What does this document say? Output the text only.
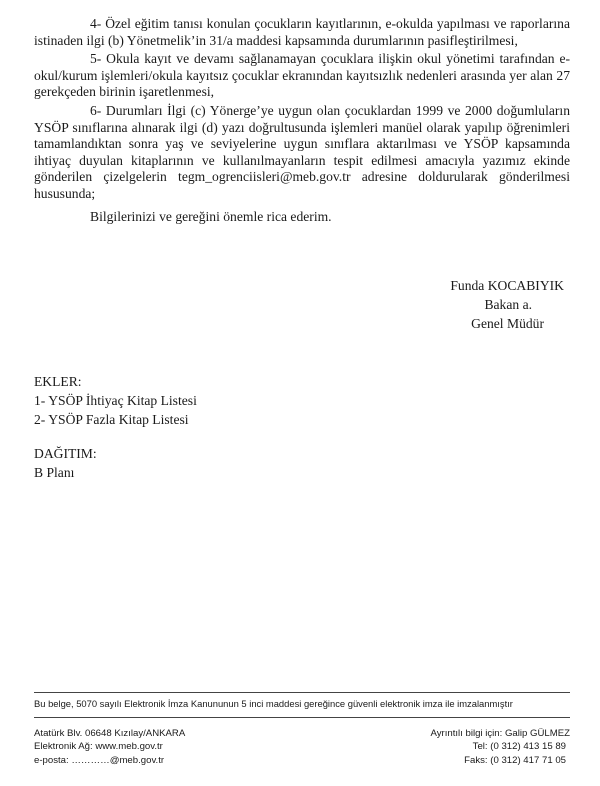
4- Özel eğitim tanısı konulan çocukların kayıtlarının, e-okulda yapılması ve raporlarına istinaden ilgi (b) Yönetmelik’in 31/a maddesi kapsamında durumlarının pasifleştirilmesi,

5- Okula kayıt ve devamı sağlanamayan çocuklara ilişkin okul yönetimi tarafından e-okul/kurum işlemleri/okula kayıtsız çocuklar ekranından kayıtsızlık nedenleri arasında yer alan 27 gerekçeden birinin işaretlenmesi,

6- Durumları İlgi (c) Yönerge’ye uygun olan çocuklardan 1999 ve 2000 doğumluların YSÖP sınıflarına alınarak ilgi (d) yazı doğrultusunda işlemleri manüel olarak yapılıp öğrenimleri tamamlandıktan sonra yaş ve seviyelerine uygun sınıflara aktarılması ve YSÖP kapsamında ihtiyaç duyulan kitaplarının ve kullanılmayanların tespit edilmesi amacıyla yazımız ekinde gönderilen çizelgelerin tegm_ogrenciisleri@meb.gov.tr adresine doldurularak gönderilmesi hususunda;

Bilgilerinizi ve gereğini önemle rica ederim.

Funda KOCABIYIK
Bakan a.
Genel Müdür
EKLER:
1- YSÖP İhtiyaç Kitap Listesi
2- YSÖP Fazla Kitap Listesi
DAĞITIM:
B Planı
Bu belge, 5070 sayılı Elektronik İmza Kanununun 5 inci maddesi gereğince güvenli elektronik imza ile imzalanmıştır
Atatürk Blv. 06648 Kızılay/ANKARA
Elektronik Ağ: www.meb.gov.tr
e-posta: …………@meb.gov.tr
Ayrıntılı bilgi için: Galip GÜLMEZ
Tel: (0 312) 413 15 89
Faks: (0 312) 417 71 05
